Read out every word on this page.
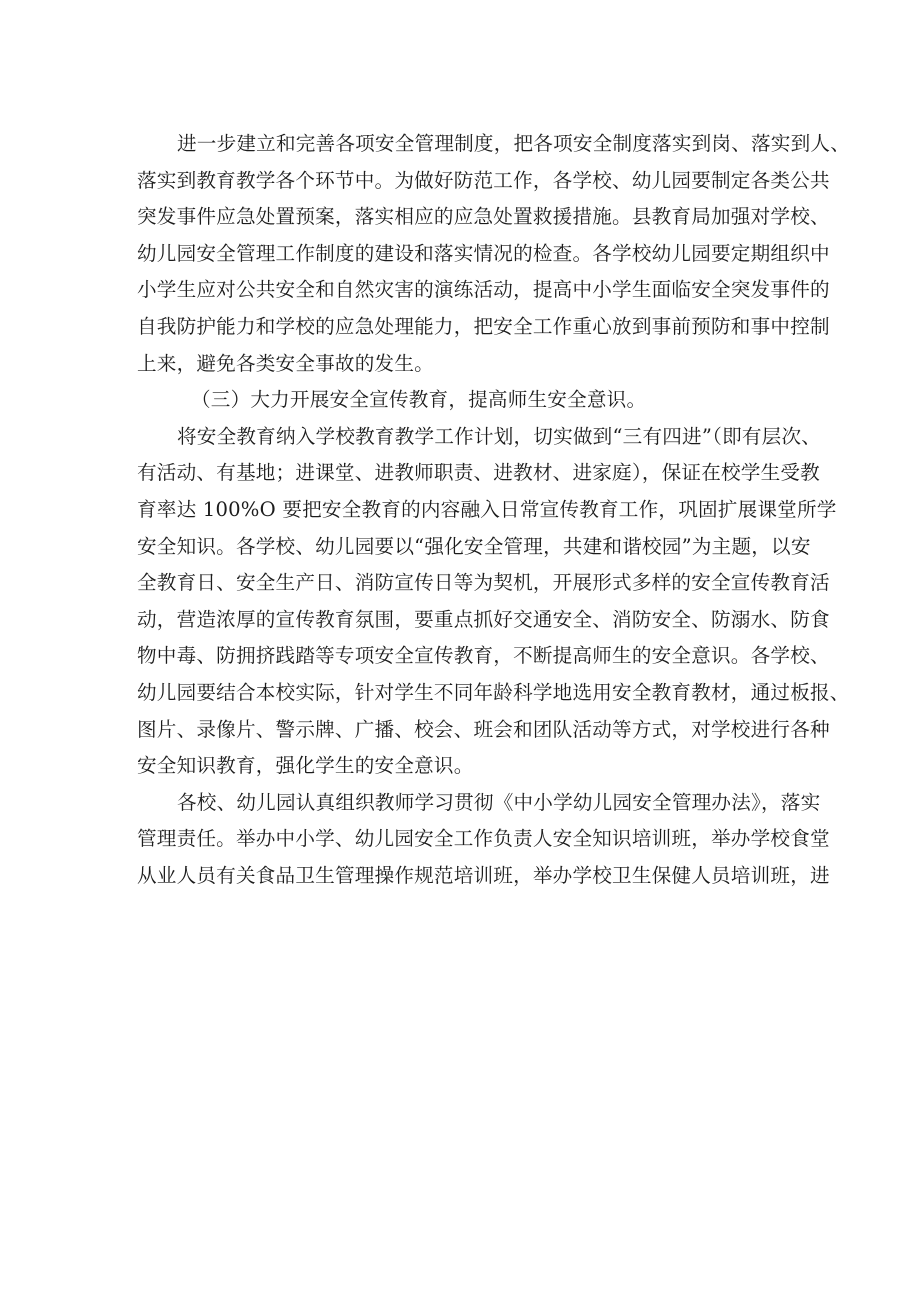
进一步建立和完善各项安全管理制度，把各项安全制度落实到岗、落实到人、
落实到教育教学各个环节中。为做好防范工作，各学校、幼儿园要制定各类公共
突发事件应急处置预案，落实相应的应急处置救援措施。县教育局加强对学校、
幼儿园安全管理工作制度的建设和落实情况的检查。各学校幼儿园要定期组织中
小学生应对公共安全和自然灾害的演练活动，提高中小学生面临安全突发事件的
自我防护能力和学校的应急处理能力，把安全工作重心放到事前预防和事中控制
上来，避免各类安全事故的发生。
（三）大力开展安全宣传教育，提高师生安全意识。
将安全教育纳入学校教育教学工作计划，切实做到“三有四进”（即有层次、
有活动、有基地；进课堂、进教师职责、进教材、进家庭），保证在校学生受教
育率达 100%O 要把安全教育的内容融入日常宣传教育工作，巩固扩展课堂所学
安全知识。各学校、幼儿园要以“强化安全管理，共建和谐校园”为主题，以安
全教育日、安全生产日、消防宣传日等为契机，开展形式多样的安全宣传教育活
动，营造浓厚的宣传教育氛围，要重点抓好交通安全、消防安全、防溺水、防食
物中毒、防拥挤践踏等专项安全宣传教育，不断提高师生的安全意识。各学校、
幼儿园要结合本校实际，针对学生不同年龄科学地选用安全教育教材，通过板报、
图片、录像片、警示牌、广播、校会、班会和团队活动等方式，对学校进行各种
安全知识教育，强化学生的安全意识。
各校、幼儿园认真组织教师学习贯彻《中小学幼儿园安全管理办法》，落实
管理责任。举办中小学、幼儿园安全工作负责人安全知识培训班，举办学校食堂
从业人员有关食品卫生管理操作规范培训班，举办学校卫生保健人员培训班，进
